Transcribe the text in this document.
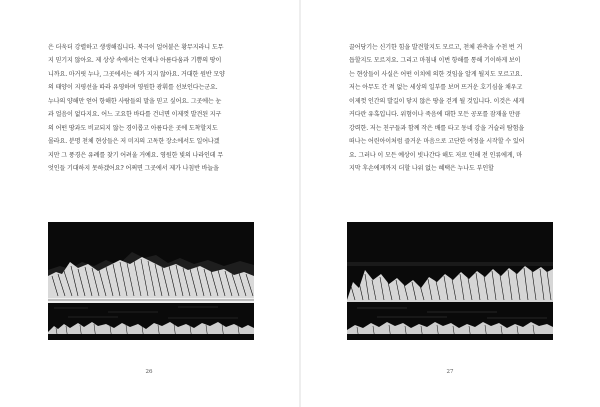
은 더욱더 강렬하고 생생해집니다. 북극이 얼어붙은 황무지라니 도무
지 믿기지 않아요. 제 상상 속에서는 언제나 아름다움과 기쁨의 땅이
니까요. 마거릿 누나, 그곳에서는 해가 지지 않아요. 거대한 원반 모양
의 태양이 지평선을 따라 유영하며 영원한 광휘를 선보인다는군요.
누나의 양해만 얻어 항해한 사람들의 말을 믿고 싶어요. 그곳에는 눈
과 얼음이 없다지요. 어느 고요한 바다를 건너면 이제껏 발견된 지구
의 어떤 땅과도 비교되지 않는 경이롭고 아름다운 곳에 도착할지도
몰라요. 분명 천체 현상들은 저 미지의 고독한 장소에서도 일어나겠
지만 그 풍경은 유례를 찾기 어려울 거예요. 영원한 빛의 나라인데 무
엇인들 기대하지 못하겠어요? 어쩌면 그곳에서 제가 나침반 바늘을
26
끌어당기는 신기한 힘을 발견할지도 모르고, 천체 관측을 수천 번 거
듭할지도 모르지요. 그리고 마침내 이번 항해를 통해 기이하게 보이
는 현상들이 사실은 어떤 이치에 의한 것임을 알게 될지도 모르고요.
저는 아무도 간 적 없는 세상의 일부를 보며 뜨거운 호기심을 채우고
이제껏 인간의 발길이 닿지 않은 땅을 걷게 될 것입니다. 이것은 세게
커다란 유혹입니다. 위험이나 죽음에 대한 모든 공포를 잠재울 만큼
강력한. 저는 친구들과 함께 작은 배를 타고 동네 강을 거슬러 탐험을
떠나는 어린아이처럼 즐거운 마음으로 고단한 여정을 시작할 수 있어
요. 그러나 이 모든 예상이 빗나간다 해도 저로 인해 전 인류에게, 마
지막 후손에게까지 더할 나위 없는 혜택은 누나도 부인할
27
